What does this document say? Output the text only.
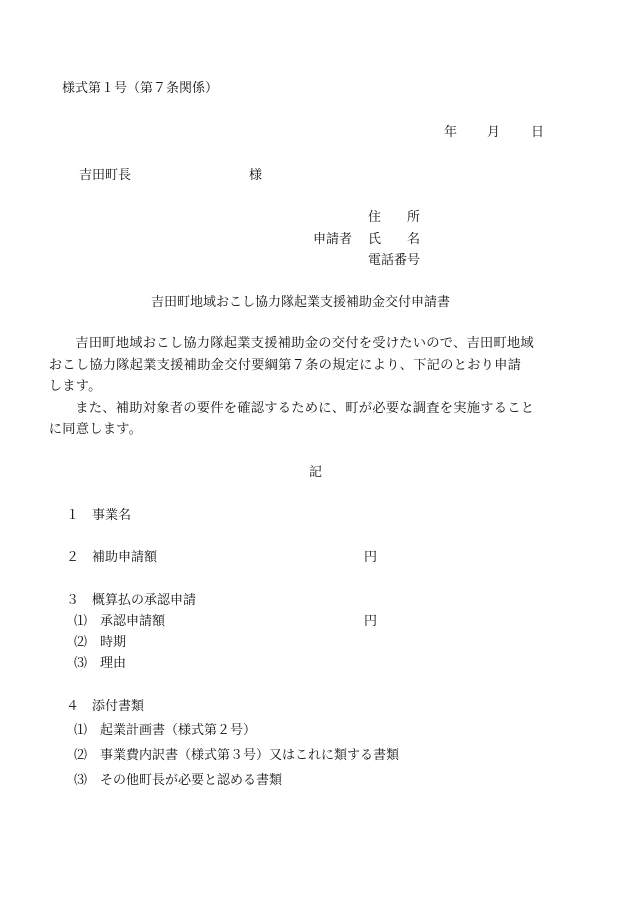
様式第１号（第７条関係）
年 月 日
吉田町長	様
住　　所
申請者 氏　　名
電話番号
吉田町地域おこし協力隊起業支援補助金交付申請書

吉田町地域おこし協力隊起業支援補助金の交付を受けたいので、吉田町地域
おこし協力隊起業支援補助金交付要綱第７条の規定により、下記のとおり申請
します。

また、補助対象者の要件を確認するために、町が必要な調査を実施すること
に同意します。

記
１　事業名
２　補助申請額	円
３　概算払の承認申請
⑴　承認申請額	円
⑵　時期
⑶　理由
４　添付書類
⑴　起業計画書（様式第２号）
⑵　事業費内訳書（様式第３号）又はこれに類する書類
⑶　その他町長が必要と認める書類
